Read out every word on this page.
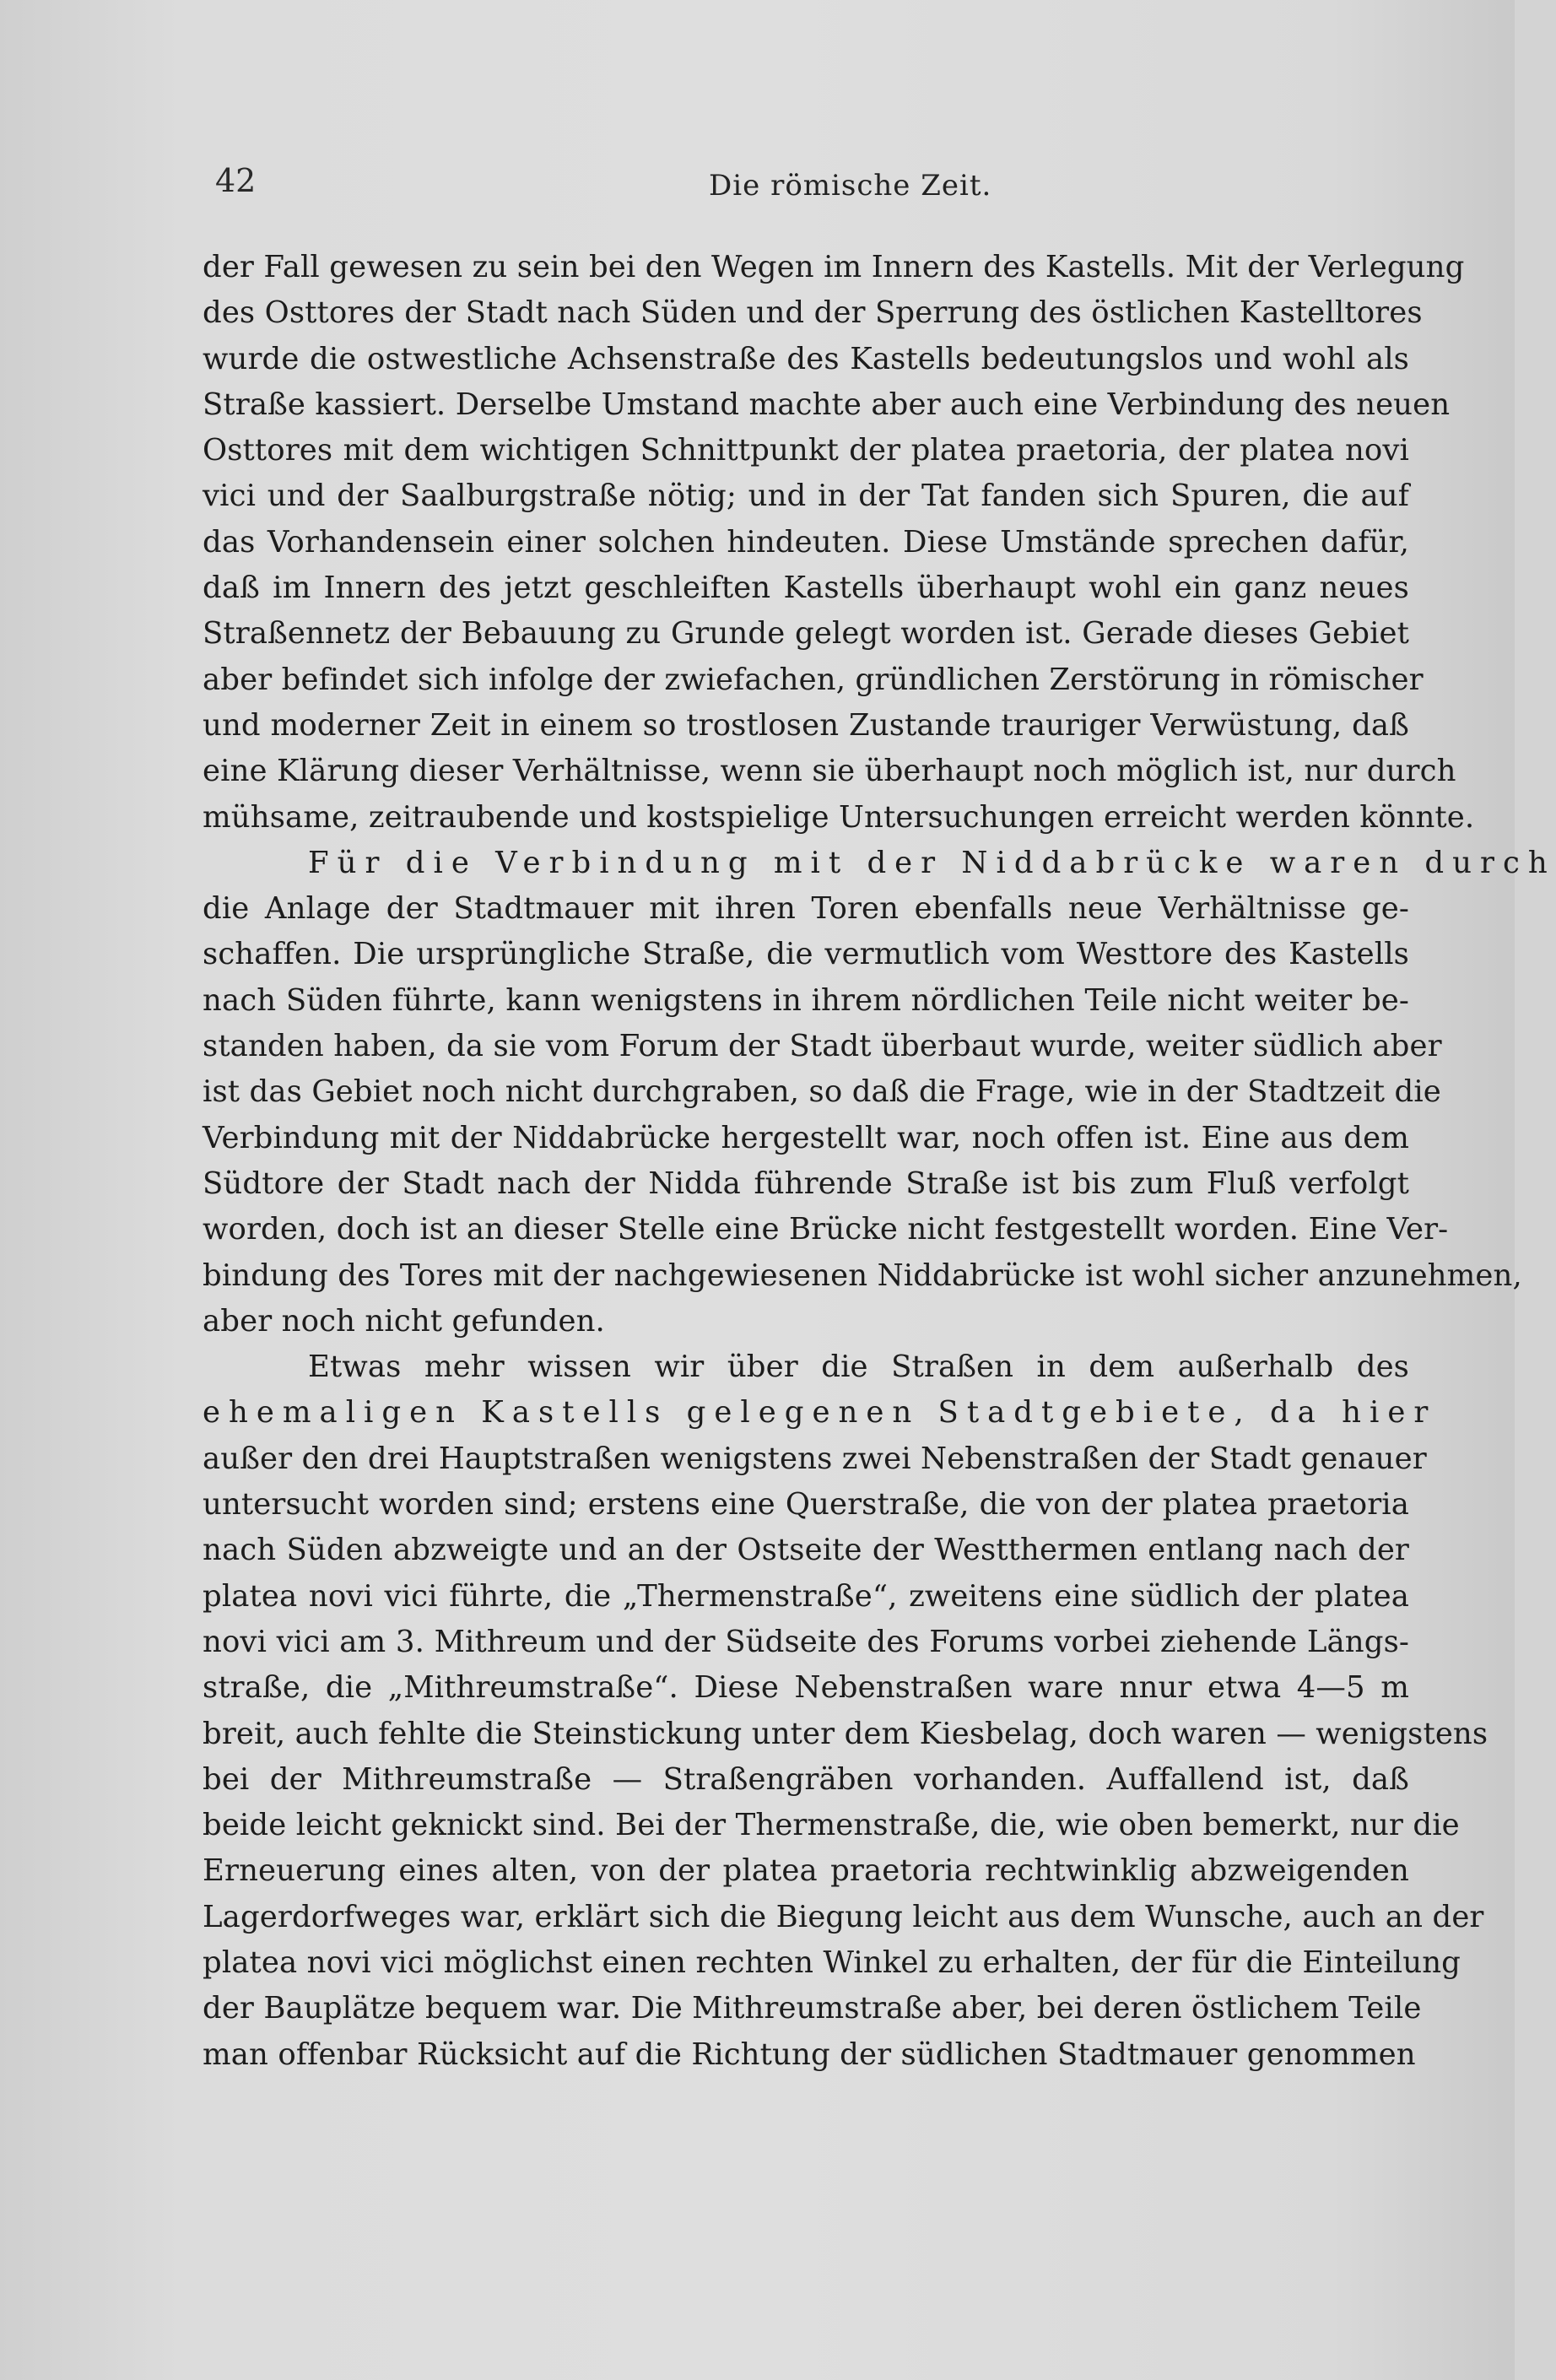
42	Die römische Zeit.
der Fall gewesen zu sein bei den Wegen im Innern des Kastells. Mit der Verlegung
des Osttores der Stadt nach Süden und der Sperrung des östlichen Kastelltores
wurde die ostwestliche Achsenstraße des Kastells bedeutungslos und wohl als
Straße kassiert. Derselbe Umstand machte aber auch eine Verbindung des neuen
Osttores mit dem wichtigen Schnittpunkt der platea praetoria, der platea novi
vici und der Saalburgstraße nötig; und in der Tat fanden sich Spuren, die auf
das Vorhandensein einer solchen hindeuten. Diese Umstände sprechen dafür,
daß im Innern des jetzt geschleiften Kastells überhaupt wohl ein ganz neues
Straßennetz der Bebauung zu Grunde gelegt worden ist. Gerade dieses Gebiet
aber befindet sich infolge der zwiefachen, gründlichen Zerstörung in römischer
und moderner Zeit in einem so trostlosen Zustande trauriger Verwüstung, daß
eine Klärung dieser Verhältnisse, wenn sie überhaupt noch möglich ist, nur durch
mühsame, zeitraubende und kostspielige Untersuchungen erreicht werden könnte.
Für die Verbindung mit der Niddabrücke waren durch
die Anlage der Stadtmauer mit ihren Toren ebenfalls neue Verhältnisse ge-
schaffen. Die ursprüngliche Straße, die vermutlich vom Westtore des Kastells
nach Süden führte, kann wenigstens in ihrem nördlichen Teile nicht weiter be-
standen haben, da sie vom Forum der Stadt überbaut wurde, weiter südlich aber
ist das Gebiet noch nicht durchgraben, so daß die Frage, wie in der Stadtzeit die
Verbindung mit der Niddabrücke hergestellt war, noch offen ist. Eine aus dem
Südtore der Stadt nach der Nidda führende Straße ist bis zum Fluß verfolgt
worden, doch ist an dieser Stelle eine Brücke nicht festgestellt worden. Eine Ver-
bindung des Tores mit der nachgewiesenen Niddabrücke ist wohl sicher anzunehmen,
aber noch nicht gefunden.
Etwas mehr wissen wir über die Straßen in dem außerhalb des
ehemaligen Kastells gelegenen Stadtgebiete, da hier
außer den drei Hauptstraßen wenigstens zwei Nebenstraßen der Stadt genauer
untersucht worden sind; erstens eine Querstraße, die von der platea praetoria
nach Süden abzweigte und an der Ostseite der Westthermen entlang nach der
platea novi vici führte, die „Thermenstraße“, zweitens eine südlich der platea
novi vici am 3. Mithreum und der Südseite des Forums vorbei ziehende Längs-
straße, die „Mithreumstraße“. Diese Nebenstraßen ware nnur etwa 4—5 m
breit, auch fehlte die Steinstickung unter dem Kiesbelag, doch waren — wenigstens
bei der Mithreumstraße — Straßengräben vorhanden. Auffallend ist, daß
beide leicht geknickt sind. Bei der Thermenstraße, die, wie oben bemerkt, nur die
Erneuerung eines alten, von der platea praetoria rechtwinklig abzweigenden
Lagerdorfweges war, erklärt sich die Biegung leicht aus dem Wunsche, auch an der
platea novi vici möglichst einen rechten Winkel zu erhalten, der für die Einteilung
der Bauplätze bequem war. Die Mithreumstraße aber, bei deren östlichem Teile
man offenbar Rücksicht auf die Richtung der südlichen Stadtmauer genommen
